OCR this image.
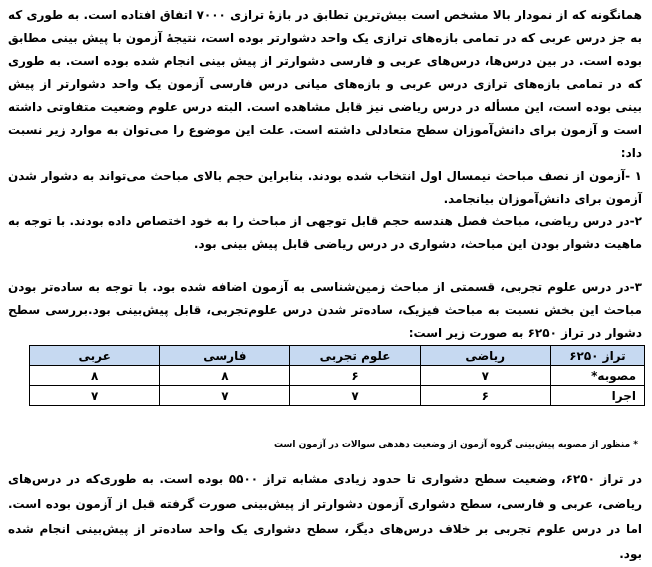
همانگونه که از نمودار بالا مشخص است بیش‌ترین تطابق در بازهٔ ترازی ۷۰۰۰ اتفاق افتاده است. به طوری که به جز درس عربی که در تمامی بازه‌های ترازی یک واحد دشوارتر بوده است، نتیجهٔ آزمون با پیش بینی مطابق بوده است. در بین درس‌ها، درس‌های عربی و فارسی دشوارتر از پیش بینی انجام شده بوده است. به طوری که در تمامی بازه‌های ترازی درس عربی و بازه‌های میانی درس فارسی آزمون یک واحد دشوارتر از پیش بینی بوده است، این مسأله در درس ریاضی نیز قابل مشاهده است. البته درس علوم وضعیت متفاوتی داشته است و آزمون برای دانش‌آموزان سطح متعادلی داشته است. علت این موضوع را می‌توان به موارد زیر نسبت داد:

۱ -آزمون از نصف مباحث نیمسال اول انتخاب شده بودند. بنابراین حجم بالای مباحث می‌تواند به دشوار شدن آزمون برای دانش‌آموزان بیانجامد.

۲-در درس ریاضی، مباحث فصل هندسه حجم قابل توجهی از مباحث را به خود اختصاص داده بودند. با توجه به ماهیت دشوار بودن این مباحث، دشواری در درس ریاضی قابل پیش بینی بود.

۳-در درس علوم تجربی، قسمتی از مباحث زمین‌شناسی به آزمون اضافه شده بود. با توجه به ساده‌تر بودن مباحث این بخش نسبت به مباحث فیزیک، ساده‌تر شدن درس علوم‌تجربی، قابل پیش‌بینی بود.بررسی سطح دشوار در تراز ۶۲۵۰ به صورت زیر است:

تراز ۶۲۵۰	ریاضی	علوم تجربی	فارسی	عربی
مصوبه*	۷	۶	۸	۸
اجرا	۶	۷	۷	۷
* منظور از مصوبه پیش‌بینی گروه آزمون از وضعیت دهدهی سوالات در آزمون است

در تراز ۶۲۵۰، وضعیت سطح دشواری تا حدود زیادی مشابه تراز ۵۵۰۰ بوده است. به طوری‌که در درس‌های ریاضی، عربی و فارسی، سطح دشواری آزمون دشوارتر از پیش‌بینی صورت گرفته قبل از آزمون بوده است. اما در درس علوم تجربی بر خلاف درس‌های دیگر، سطح دشواری یک واحد ساده‌تر از پیش‌بینی انجام شده بود.
